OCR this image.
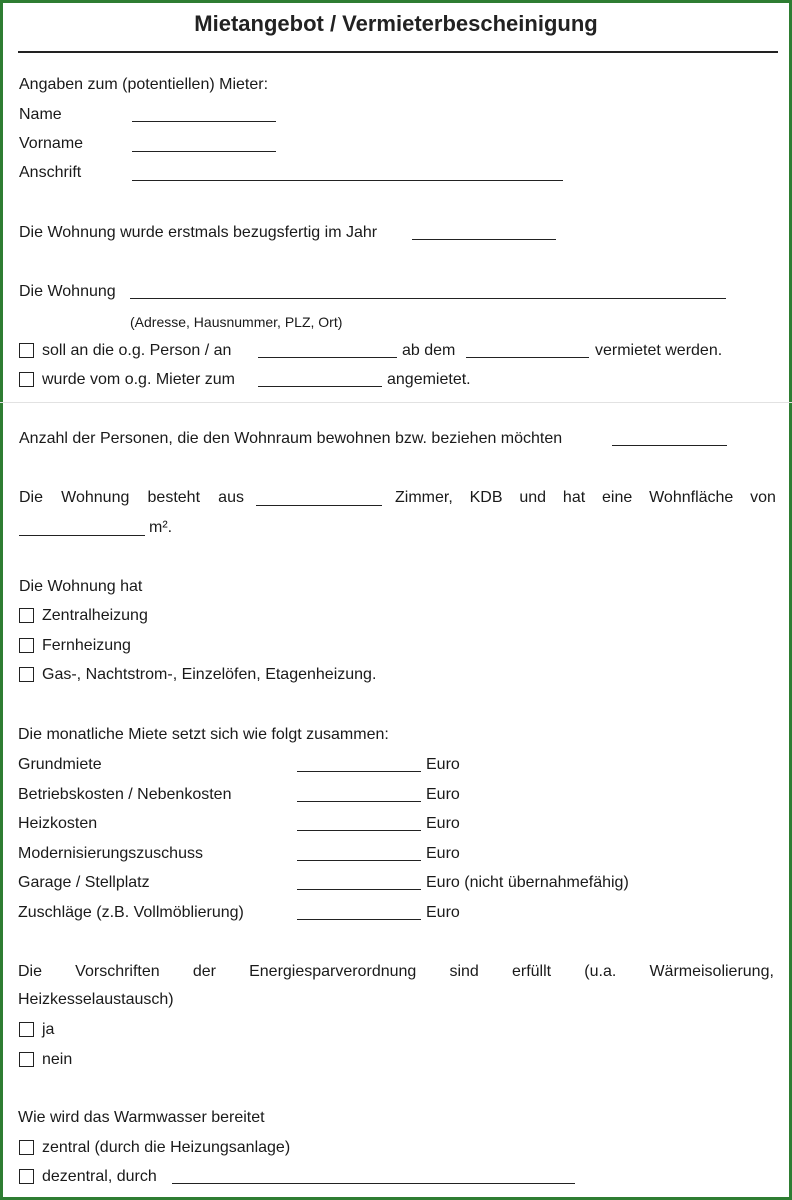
Mietangebot / Vermieterbescheinigung
Angaben zum (potentiellen) Mieter:
Name
Vorname
Anschrift
Die Wohnung wurde erstmals bezugsfertig im Jahr
Die Wohnung
(Adresse, Hausnummer, PLZ, Ort)
soll an die o.g. Person / an	ab dem	vermietet werden.
wurde vom o.g. Mieter zum	angemietet.
Anzahl der Personen, die den Wohnraum bewohnen bzw. beziehen möchten
Die Wohnung besteht aus	Zimmer, KDB und hat eine Wohnfläche von
m².
Die Wohnung hat
Zentralheizung
Fernheizung
Gas-, Nachtstrom-, Einzelöfen, Etagenheizung.
Die monatliche Miete setzt sich wie folgt zusammen:
Grundmiete	Euro
Betriebskosten / Nebenkosten	Euro
Heizkosten	Euro
Modernisierungszuschuss	Euro
Garage / Stellplatz	Euro (nicht übernahmefähig)
Zuschläge (z.B. Vollmöblierung)	Euro
Die Vorschriften der Energiesparverordnung sind erfüllt (u.a. Wärmeisolierung,
Heizkesselaustausch)
ja
nein
Wie wird das Warmwasser bereitet
zentral (durch die Heizungsanlage)
dezentral, durch
